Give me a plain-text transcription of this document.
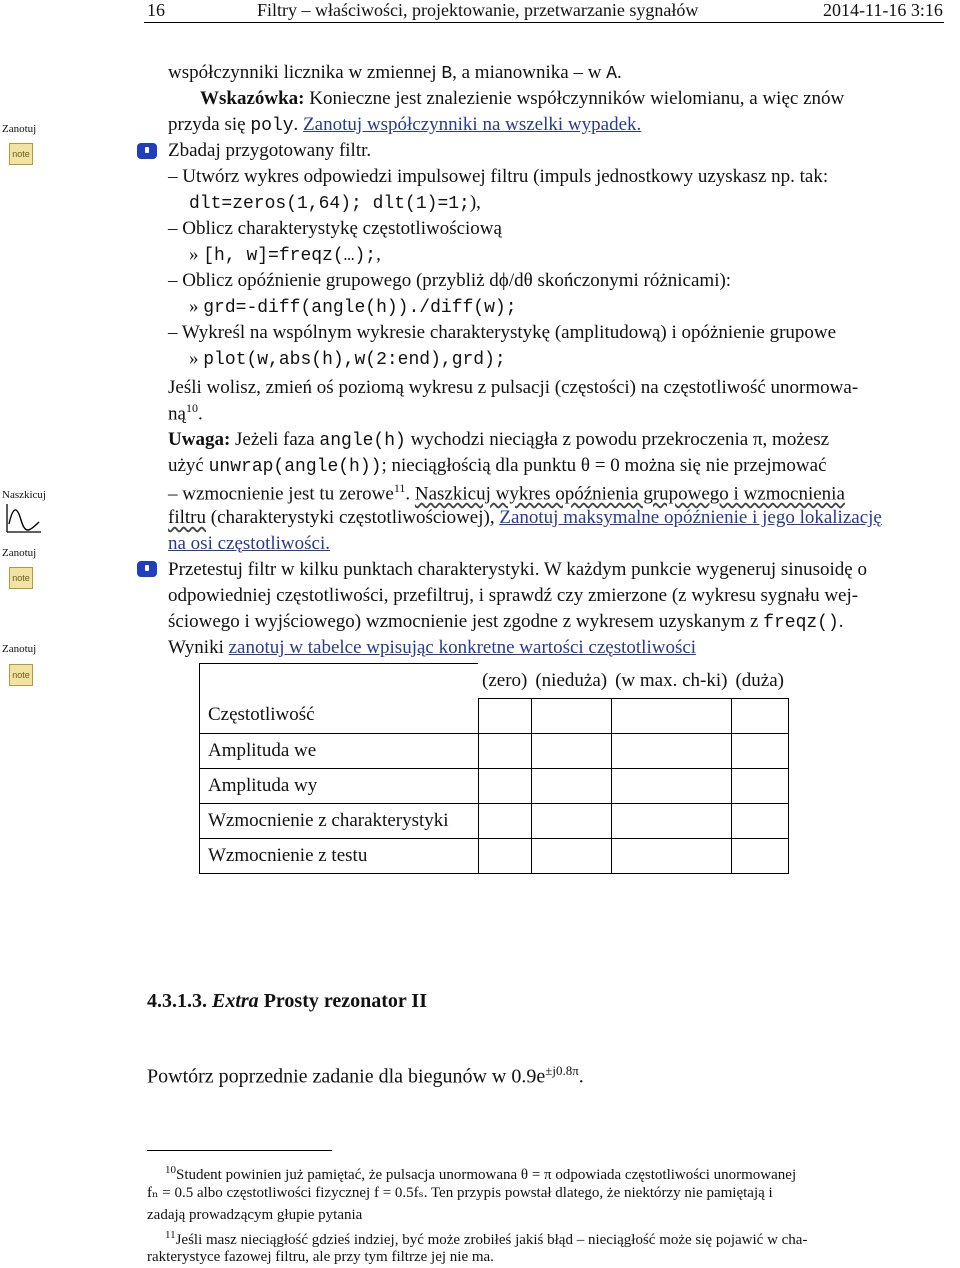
16	Filtry – właściwości, projektowanie, przetwarzanie sygnałów	2014-11-16 3:16
Zanotuj
note
Naszkicuj
Zanotuj
note
Zanotuj
note
współczynniki licznika w zmiennej B, a mianownika – w A.
Wskazówka: Konieczne jest znalezienie współczynników wielomianu, a więc znów
przyda się poly. Zanotuj współczynniki na wszelki wypadek.
Zbadaj przygotowany filtr.
– Utwórz wykres odpowiedzi impulsowej filtru (impuls jednostkowy uzyskasz np. tak:
dlt=zeros(1,64); dlt(1)=1;),
– Oblicz charakterystykę częstotliwościową
» [h, w]=freqz(…);,
– Oblicz opóźnienie grupowego (przybliż dϕ/dθ skończonymi różnicami):
» grd=-diff(angle(h))./diff(w);
– Wykreśl na wspólnym wykresie charakterystykę (amplitudową) i opóżnienie grupowe
» plot(w,abs(h),w(2:end),grd);
Jeśli wolisz, zmień oś poziomą wykresu z pulsacji (częstości) na częstotliwość unormowa-
$ną^{10}$.
Uwaga: Jeżeli faza angle(h) wychodzi nieciągła z powodu przekroczenia π, możesz
użyć unwrap(angle(h)); nieciągłością dla punktu θ = 0 można się nie przejmować
– wzmocnienie jest tu zerowe$^{11}$. Naszkicuj wykres opóźnienia grupowego i wzmocnienia
filtru (charakterystyki częstotliwościowej), Zanotuj maksymalne opóźnienie i jego lokalizację
na osi częstotliwości.
Przetestuj filtr w kilku punktach charakterystyki. W każdym punkcie wygeneruj sinusoidę o
odpowiedniej częstotliwości, przefiltruj, i sprawdź czy zmierzone (z wykresu sygnału wej-
ściowego i wyjściowego) wzmocnienie jest zgodne z wykresem uzyskanym z freqz().
Wyniki zanotuj w tabelce wpisując konkretne wartości częstotliwości
	(zero)	(nieduża)	(w max. ch-ki)	(duża)
Częstotliwość				
Amplituda we				
Amplituda wy				
Wzmocnienie z charakterystyki				
Wzmocnienie z testu				
4.3.1.3. Extra Prosty rezonator II
Powtórz poprzednie zadanie dla biegunów w $0.9e^{\pm j0.8\pi}$.
$^{10}$Student powinien już pamiętać, że pulsacja unormowana θ = π odpowiada częstotliwości unormowanej
fₙ = 0.5 albo częstotliwości fizycznej f = 0.5fₛ. Ten przypis powstał dlatego, że niektórzy nie pamiętają i
zadają prowadzącym głupie pytania
$^{11}$Jeśli masz nieciągłość gdzieś indziej, być może zrobiłeś jakiś błąd – nieciągłość może się pojawić w cha-
rakterystyce fazowej filtru, ale przy tym filtrze jej nie ma.
